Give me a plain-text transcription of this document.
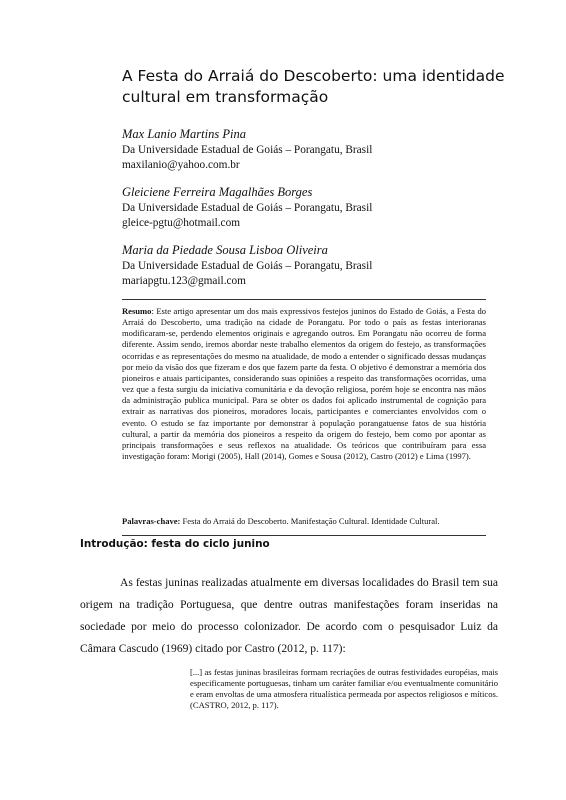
A Festa do Arraiá do Descoberto: uma identidade cultural em transformação
Max Lanio Martins Pina
Da Universidade Estadual de Goiás – Porangatu, Brasil
maxilanio@yahoo.com.br
Gleiciene Ferreira Magalhães Borges
Da Universidade Estadual de Goiás – Porangatu, Brasil
gleice-pgtu@hotmail.com
Maria da Piedade Sousa Lisboa Oliveira
Da Universidade Estadual de Goiás – Porangatu, Brasil
mariapgtu.123@gmail.com

Resumo: Este artigo apresentar um dos mais expressivos festejos juninos do Estado de Goiás, a Festa do Arraiá do Descoberto, uma tradição na cidade de Porangatu. Por todo o país as festas interioranas modificaram-se, perdendo elementos originais e agregando outros. Em Porangatu não ocorreu de forma diferente. Assim sendo, iremos abordar neste trabalho elementos da origem do festejo, as transformações ocorridas e as representações do mesmo na atualidade, de modo a entender o significado dessas mudanças por meio da visão dos que fizeram e dos que fazem parte da festa. O objetivo é demonstrar a memória dos pioneiros e atuais participantes, considerando suas opiniões a respeito das transformações ocorridas, uma vez que a festa surgiu da iniciativa comunitária e da devoção religiosa, porém hoje se encontra nas mãos da administração publica municipal. Para se obter os dados foi aplicado instrumental de cognição para extrair as narrativas dos pioneiros, moradores locais, participantes e comerciantes envolvidos com o evento. O estudo se faz importante por demonstrar à população porangatuense fatos de sua história cultural, a partir da memória dos pioneiros a respeito da origem do festejo, bem como por apontar as principais transformações e seus reflexos na atualidade. Os teóricos que contribuíram para essa investigação foram: Morigi (2005), Hall (2014), Gomes e Sousa (2012), Castro (2012) e Lima (1997).

Palavras-chave: Festa do Arraiá do Descoberto. Manifestação Cultural. Identidade Cultural.

Introdução: festa do ciclo junino

As festas juninas realizadas atualmente em diversas localidades do Brasil tem sua origem na tradição Portuguesa, que dentre outras manifestações foram inseridas na sociedade por meio do processo colonizador. De acordo com o pesquisador Luiz da Câmara Cascudo (1969) citado por Castro (2012, p. 117):

[...] as festas juninas brasileiras formam recriações de outras festividades européias, mais especificamente portuguesas, tinham um caráter familiar e/ou eventualmente comunitário e eram envoltas de uma atmosfera ritualística permeada por aspectos religiosos e míticos. (CASTRO, 2012, p. 117).
